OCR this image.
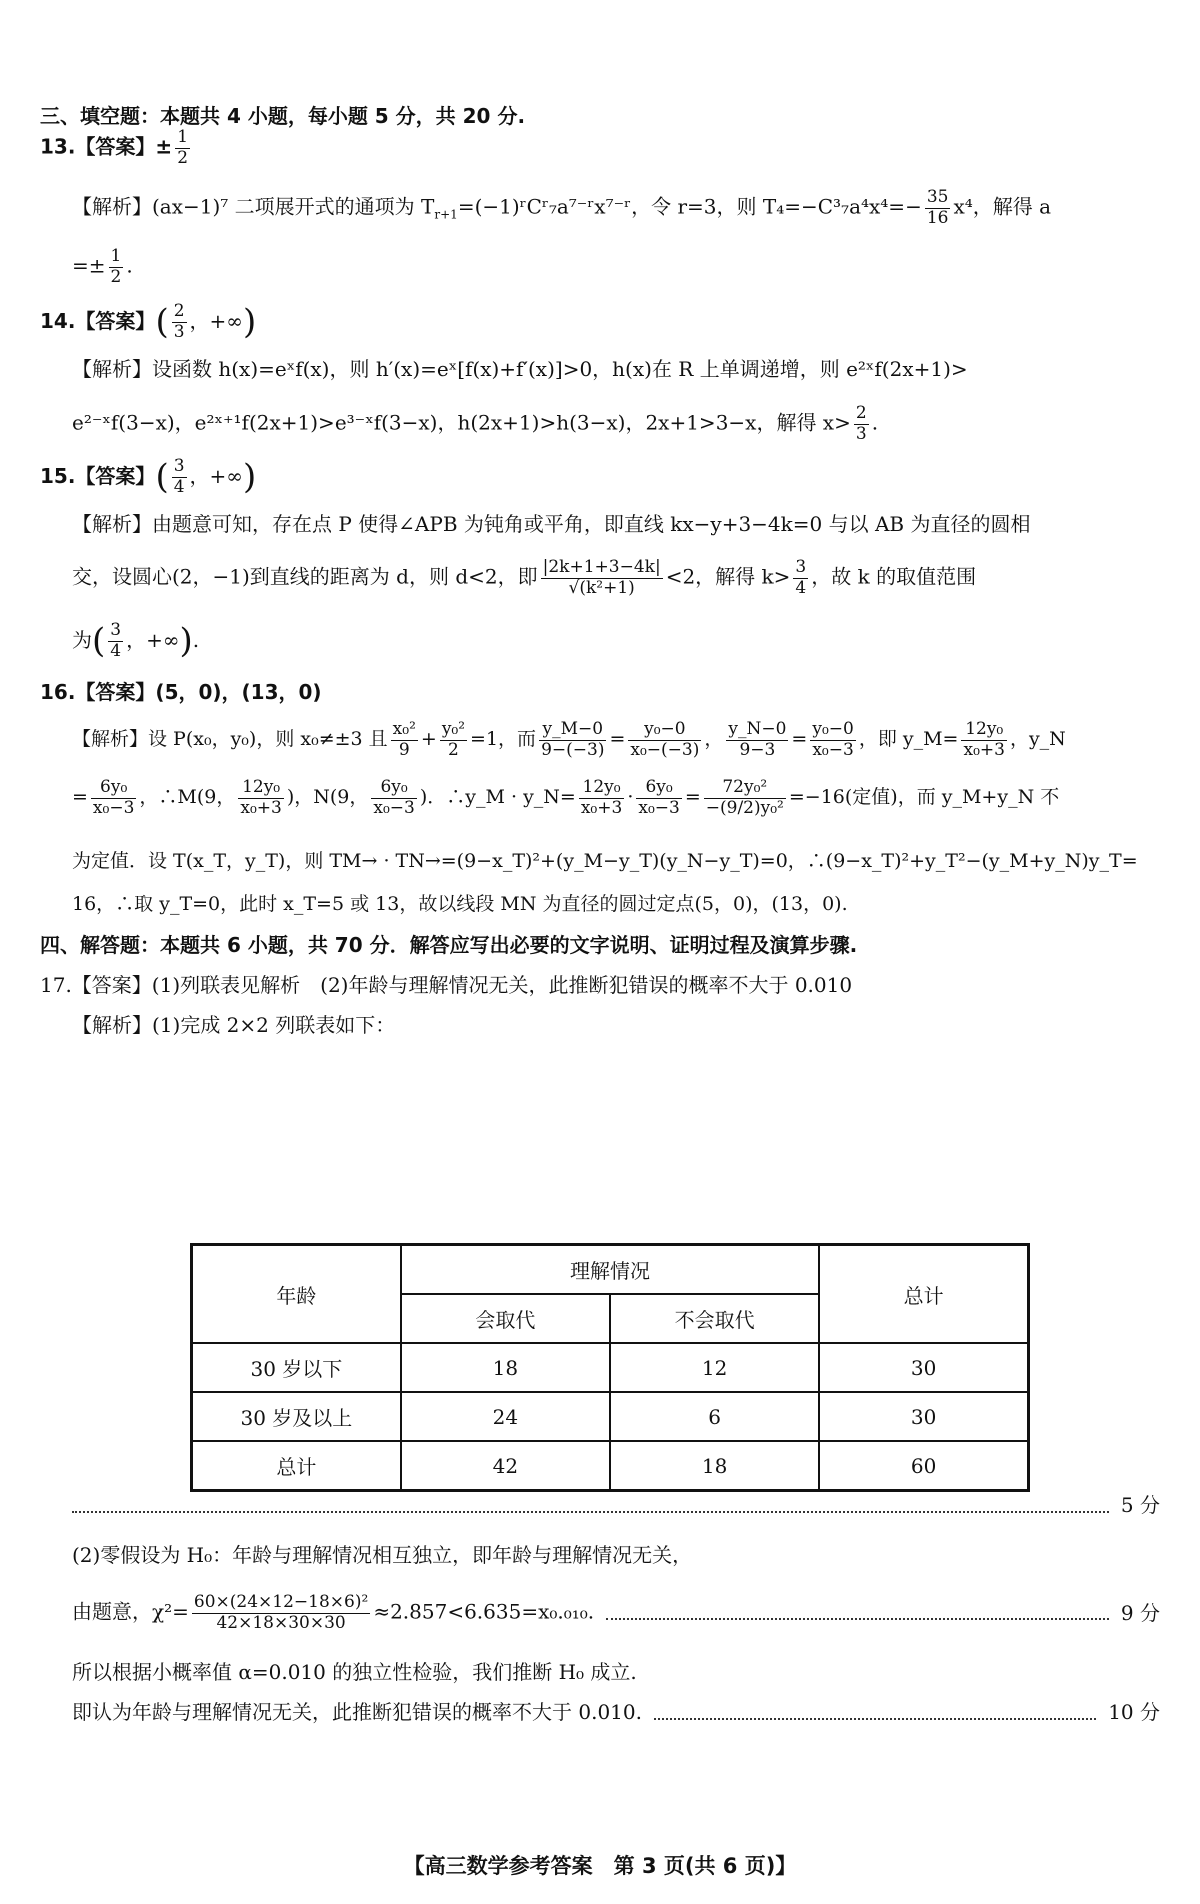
三、填空题：本题共 4 小题，每小题 5 分，共 20 分.
13.【答案】± $\frac{1}{2}$
【解析】(ax−1)⁷ 二项展开式的通项为 $T_{r+1}=(-1)ʳCʳ_7a^{7-}ʳx^{7-}ʳ$，令 r=3，则 $T_4=-C^3_7a^4x^4=- \frac{35}{16} x^4$，解得 a
=± $\frac{1}{2}$ .
14.【答案】( $\frac{2}{3}$ ，+∞)
【解析】设函数 h(x)=eˣf(x)，则 h′(x)=eˣ[f(x)+f′(x)]>0，h(x)在 R 上单调递增，则 e²ˣf(2x+1)>
e²⁻ˣf(3−x)，e²ˣ⁺¹f(2x+1)>e³⁻ˣf(3−x)，h(2x+1)>h(3−x)，2x+1>3−x，解得 $x> \frac{2}{3}$ .
15.【答案】( $\frac{3}{4}$ ，+∞)
【解析】由题意可知，存在点 P 使得∠APB 为钝角或平角，即直线 kx−y+3−4k=0 与以 AB 为直径的圆相
交，设圆心(2，−1)到直线的距离为 d，则 d<2，即 $\frac{|2k+1+3-4k|}{\text{√(k²+1)}} <2$，解得 $k> \frac{3}{4}$ ，故 k 的取值范围
为( $\frac{3}{4}$ ，+∞).
16.【答案】(5，0)，(13，0)
【解析】设 P(x₀，y₀)，则 x₀≠±3 且 $\frac{\text{x₀²}}{9} + \frac{\text{y₀²}}{2} =1$，而 $\frac{y\_M-0}{9-(-3)} = \frac{\text{y₀−0}}{\text{x₀−(−3)}}$ ， $\frac{y\_N-0}{9-3} = \frac{\text{y₀−0}}{\text{x₀−3}}$ ，即 y_M= $\frac{\text{12y₀}}{\text{x₀+3}}$ ，y_N
= $\frac{\text{6y₀}}{\text{x₀−3}}$ ，∴M(9， $\frac{\text{12y₀}}{\text{x₀+3}}$ )，N(9， $\frac{\text{6y₀}}{\text{x₀−3}}$ )．∴y_M · y_N= $\frac{\text{12y₀}}{\text{x₀+3}} \cdot \frac{\text{6y₀}}{\text{x₀−3}} = \frac{\text{72y₀²}}{\text{−(9/2)y₀²}} =-16$(定值)，而 y_M+y_N 不
为定值．设 T(x_T，y_T)，则 TM→ · TN→=(9−x_T)²+(y_M−y_T)(y_N−y_T)=0，∴(9−x_T)²+y_T²−(y_M+y_N)y_T=
16，∴取 y_T=0，此时 x_T=5 或 13，故以线段 MN 为直径的圆过定点(5，0)，(13，0).
四、解答题：本题共 6 小题，共 70 分．解答应写出必要的文字说明、证明过程及演算步骤.
17.【答案】(1)列联表见解析　(2)年龄与理解情况无关，此推断犯错误的概率不大于 0.010
【解析】(1)完成 2×2 列联表如下：
年龄	理解情况		总计
	会取代	不会取代	
30 岁以下	18	12	30
30 岁及以上	24	6	30
总计	42	18	60
5 分
(2)零假设为 H₀：年龄与理解情况相互独立，即年龄与理解情况无关，
由题意，$\chi^2= \frac{\text{60×(24×12−18×6)²}}{42\times 18\times 30\times 30} \approx 2.857<6.635=x_0._{010}$.	9 分
所以根据小概率值 α=0.010 的独立性检验，我们推断 H₀ 成立.
即认为年龄与理解情况无关，此推断犯错误的概率不大于 0.010.	10 分
【高三数学参考答案　第 3 页(共 6 页)】
